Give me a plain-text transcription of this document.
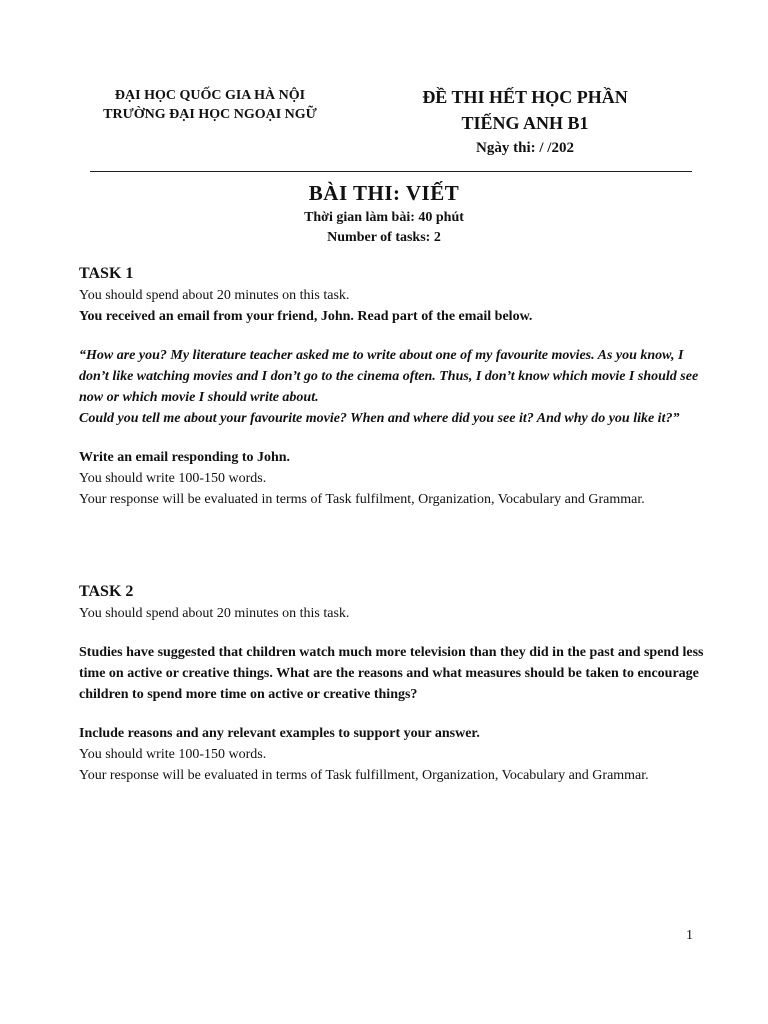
ĐẠI HỌC QUỐC GIA HÀ NỘI
TRƯỜNG ĐẠI HỌC NGOẠI NGỮ
ĐỀ THI HẾT HỌC PHẦN
TIẾNG ANH B1
Ngày thi: / /202
BÀI THI: VIẾT
Thời gian làm bài: 40 phút
Number of tasks: 2

TASK 1

You should spend about 20 minutes on this task.

You received an email from your friend, John. Read part of the email below.

“How are you? My literature teacher asked me to write about one of my favourite movies. As you know, I don’t like watching movies and I don’t go to the cinema often. Thus, I don’t know which movie I should see now or which movie I should write about.

Could you tell me about your favourite movie? When and where did you see it? And why do you like it?”

Write an email responding to John.

You should write 100-150 words.

Your response will be evaluated in terms of Task fulfilment, Organization, Vocabulary and Grammar.

TASK 2

You should spend about 20 minutes on this task.

Studies have suggested that children watch much more television than they did in the past and spend less time on active or creative things. What are the reasons and what measures should be taken to encourage children to spend more time on active or creative things?

Include reasons and any relevant examples to support your answer.

You should write 100-150 words.

Your response will be evaluated in terms of Task fulfillment, Organization, Vocabulary and Grammar.

1
